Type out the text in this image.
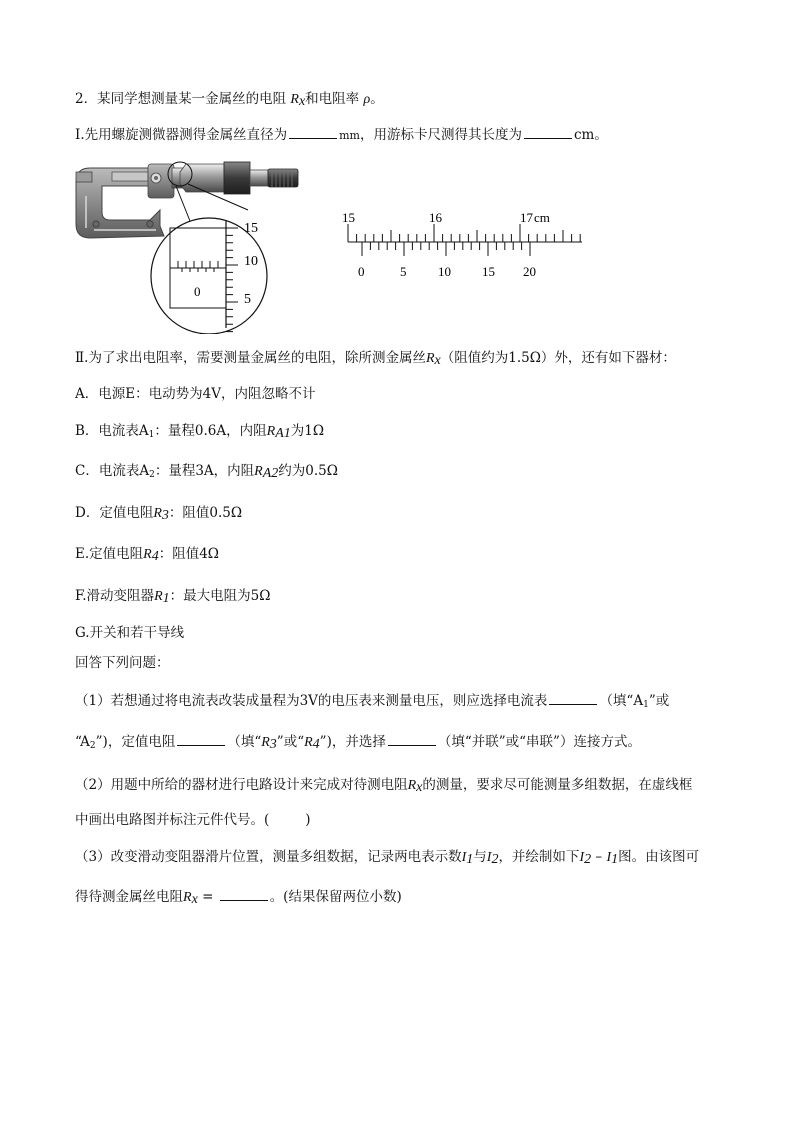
2．某同学想测量某一金属丝的电阻 $R_x$和电阻率 ρ。
Ⅰ.先用螺旋测微器测得金属丝直径为	mm，用游标卡尺测得其长度为	cm。
0
15
10
5
15	16	17 cm
0	5 10 15 20
Ⅱ.为了求出电阻率，需要测量金属丝的电阻，除所测金属丝$R_x$（阻值约为1.5Ω）外，还有如下器材：
A．电源E：电动势为4V，内阻忽略不计
B．电流表$A_1$：量程0.6A，内阻$R_{A1}$为1Ω
C．电流表$A_2$：量程3A，内阻$R_{A2}$约为0.5Ω
D．定值电阻$R_3$：阻值0.5Ω
E.定值电阻$R_4$：阻值4Ω
F.滑动变阻器$R_1$：最大电阻为5Ω
G.开关和若干导线
回答下列问题：
（1）若想通过将电流表改装成量程为3V的电压表来测量电压，则应选择电流表	（填“$A_1$”或
“$A_2$”)，定值电阻	（填“$R_3$”或“$R_4$”)，并选择	（填“并联”或“串联”）连接方式。
（2）用题中所给的器材进行电路设计来完成对待测电阻$R_x$的测量，要求尽可能测量多组数据，在虚线框
中画出电路图并标注元件代号。(	)
（3）改变滑动变阻器滑片位置，测量多组数据，记录两电表示数$I_1$与$I_2$，并绘制如下$I_2 - I_1$图。由该图可
得待测金属丝电阻$R_x$ =	。(结果保留两位小数)
